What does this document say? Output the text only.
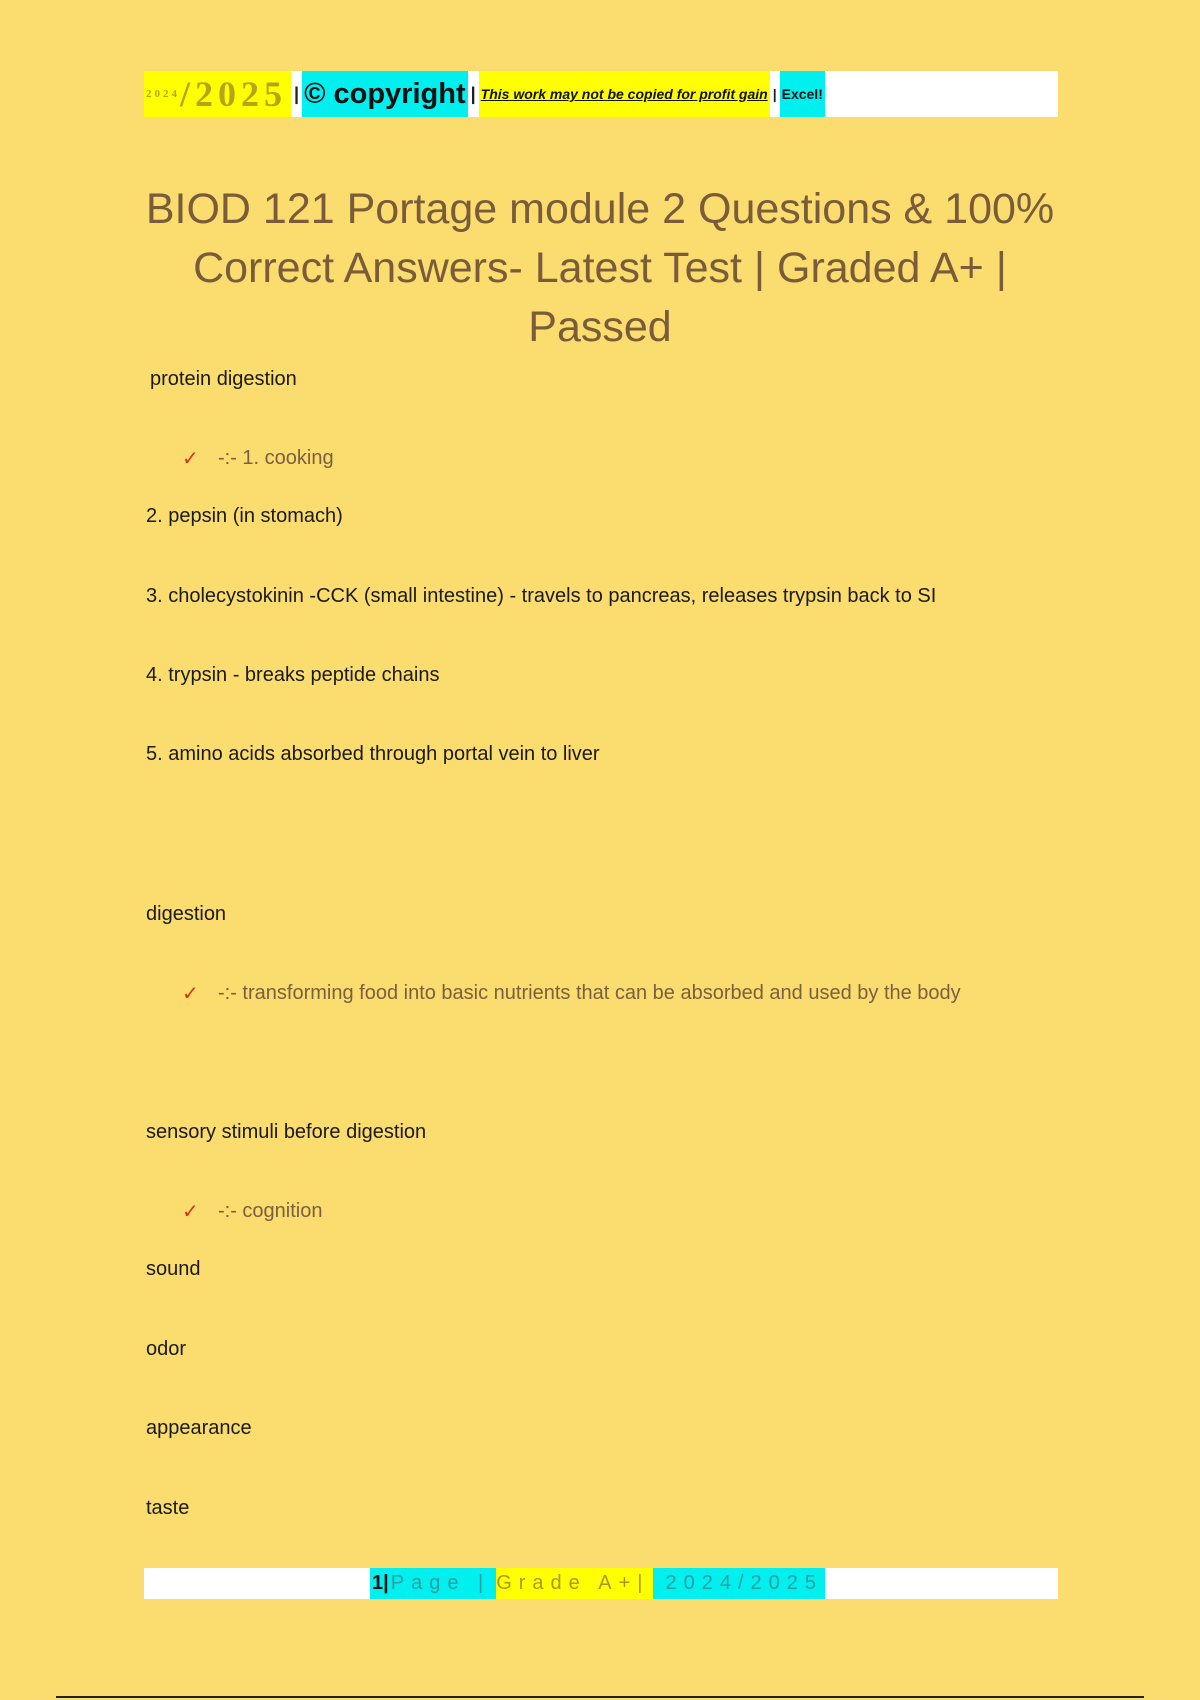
2024 /2025 | © copyright | This work may not be copied for profit gain | Excel!
BIOD 121 Portage module 2 Questions & 100% Correct Answers- Latest Test | Graded A+ | Passed

protein digestion

✓ -:- 1. cooking

2. pepsin (in stomach)

3. cholecystokinin -CCK (small intestine) - travels to pancreas, releases trypsin back to SI

4. trypsin - breaks peptide chains

5. amino acids absorbed through portal vein to liver

digestion

✓ -:- transforming food into basic nutrients that can be absorbed and used by the body

sensory stimuli before digestion

✓ -:- cognition

sound

odor

appearance

taste

1 | Page | Grade A+| 2024/2025
